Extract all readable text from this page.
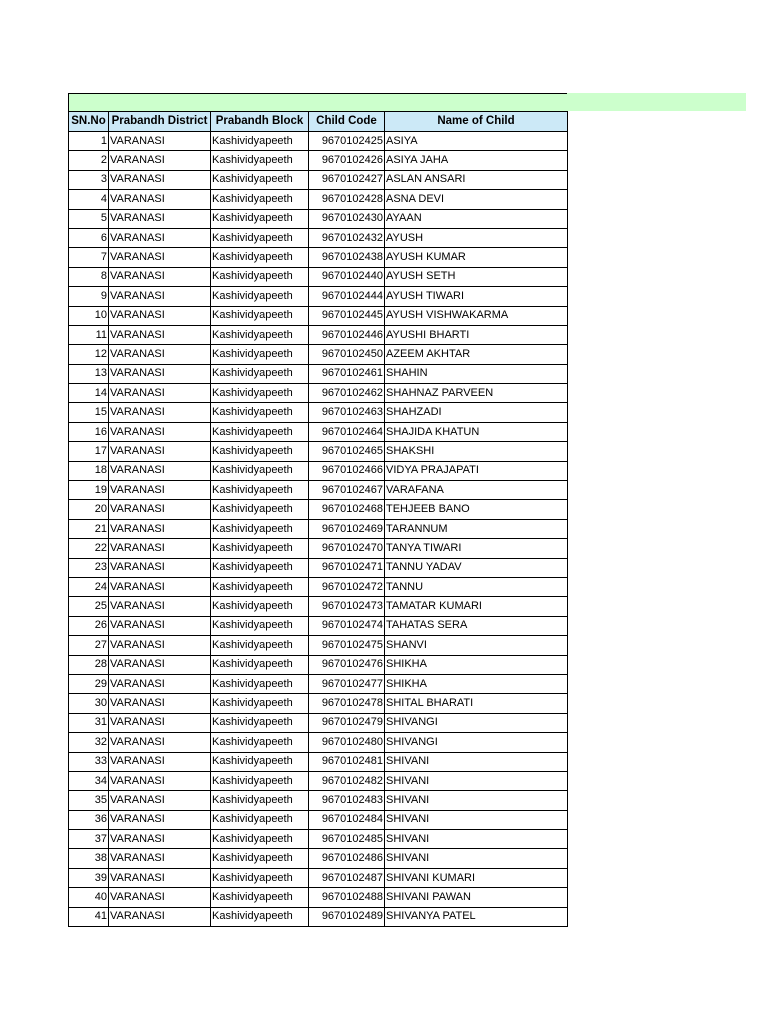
SN.No	Prabandh District	Prabandh Block	Child Code	Name of Child
1	VARANASI	Kashividyapeeth	9670102425	ASIYA
2	VARANASI	Kashividyapeeth	9670102426	ASIYA JAHA
3	VARANASI	Kashividyapeeth	9670102427	ASLAN ANSARI
4	VARANASI	Kashividyapeeth	9670102428	ASNA DEVI
5	VARANASI	Kashividyapeeth	9670102430	AYAAN
6	VARANASI	Kashividyapeeth	9670102432	AYUSH
7	VARANASI	Kashividyapeeth	9670102438	AYUSH KUMAR
8	VARANASI	Kashividyapeeth	9670102440	AYUSH SETH
9	VARANASI	Kashividyapeeth	9670102444	AYUSH TIWARI
10	VARANASI	Kashividyapeeth	9670102445	AYUSH VISHWAKARMA
11	VARANASI	Kashividyapeeth	9670102446	AYUSHI BHARTI
12	VARANASI	Kashividyapeeth	9670102450	AZEEM AKHTAR
13	VARANASI	Kashividyapeeth	9670102461	SHAHIN
14	VARANASI	Kashividyapeeth	9670102462	SHAHNAZ PARVEEN
15	VARANASI	Kashividyapeeth	9670102463	SHAHZADI
16	VARANASI	Kashividyapeeth	9670102464	SHAJIDA KHATUN
17	VARANASI	Kashividyapeeth	9670102465	SHAKSHI
18	VARANASI	Kashividyapeeth	9670102466	VIDYA PRAJAPATI
19	VARANASI	Kashividyapeeth	9670102467	VARAFANA
20	VARANASI	Kashividyapeeth	9670102468	TEHJEEB BANO
21	VARANASI	Kashividyapeeth	9670102469	TARANNUM
22	VARANASI	Kashividyapeeth	9670102470	TANYA TIWARI
23	VARANASI	Kashividyapeeth	9670102471	TANNU YADAV
24	VARANASI	Kashividyapeeth	9670102472	TANNU
25	VARANASI	Kashividyapeeth	9670102473	TAMATAR KUMARI
26	VARANASI	Kashividyapeeth	9670102474	TAHATAS SERA
27	VARANASI	Kashividyapeeth	9670102475	SHANVI
28	VARANASI	Kashividyapeeth	9670102476	SHIKHA
29	VARANASI	Kashividyapeeth	9670102477	SHIKHA
30	VARANASI	Kashividyapeeth	9670102478	SHITAL BHARATI
31	VARANASI	Kashividyapeeth	9670102479	SHIVANGI
32	VARANASI	Kashividyapeeth	9670102480	SHIVANGI
33	VARANASI	Kashividyapeeth	9670102481	SHIVANI
34	VARANASI	Kashividyapeeth	9670102482	SHIVANI
35	VARANASI	Kashividyapeeth	9670102483	SHIVANI
36	VARANASI	Kashividyapeeth	9670102484	SHIVANI
37	VARANASI	Kashividyapeeth	9670102485	SHIVANI
38	VARANASI	Kashividyapeeth	9670102486	SHIVANI
39	VARANASI	Kashividyapeeth	9670102487	SHIVANI KUMARI
40	VARANASI	Kashividyapeeth	9670102488	SHIVANI PAWAN
41	VARANASI	Kashividyapeeth	9670102489	SHIVANYA PATEL
